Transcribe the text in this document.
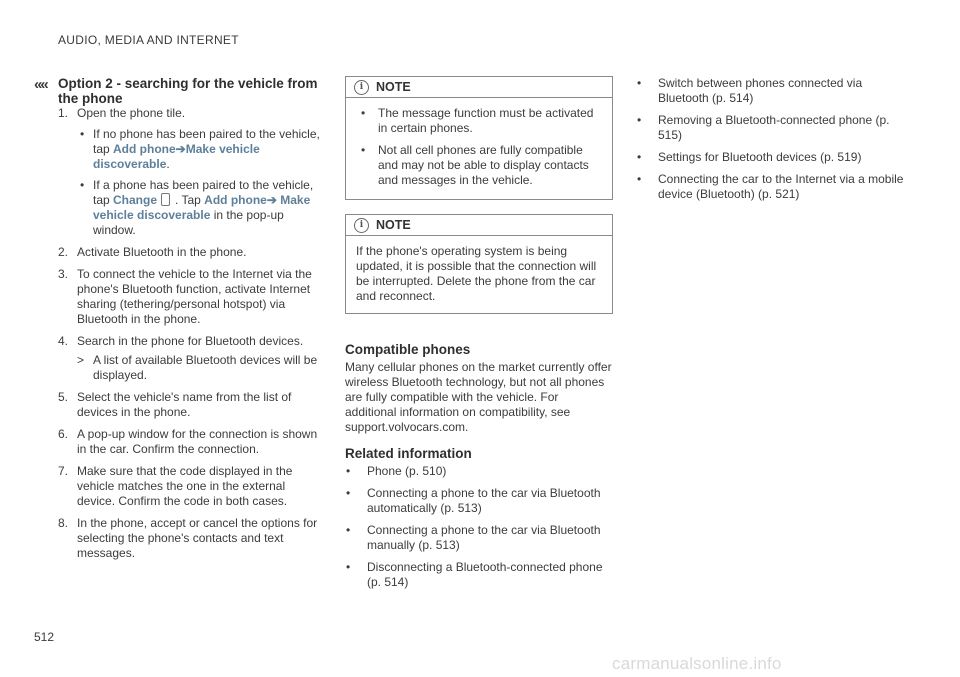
AUDIO, MEDIA AND INTERNET
«« Option 2 - searching for the vehicle from the phone
1. Open the phone tile.
• If no phone has been paired to the vehicle, tap Add phone➔Make vehicle discoverable.
• If a phone has been paired to the vehicle, tap Change . Tap Add phone➔ Make vehicle discoverable in the pop-up window.
2. Activate Bluetooth in the phone.
3. To connect the vehicle to the Internet via the phone's Bluetooth function, activate Internet sharing (tethering/personal hotspot) via Bluetooth in the phone.
4. Search in the phone for Bluetooth devices.
> A list of available Bluetooth devices will be displayed.
5. Select the vehicle's name from the list of devices in the phone.
6. A pop-up window for the connection is shown in the car. Confirm the connection.
7. Make sure that the code displayed in the vehicle matches the one in the external device. Confirm the code in both cases.
8. In the phone, accept or cancel the options for selecting the phone's contacts and text messages.
i	NOTE
• The message function must be activated in certain phones.
• Not all cell phones are fully compatible and may not be able to display contacts and messages in the vehicle.
i	NOTE
If the phone's operating system is being updated, it is possible that the connection will be interrupted. Delete the phone from the car and reconnect.
Compatible phones

Many cellular phones on the market currently offer wireless Bluetooth technology, but not all phones are fully compatible with the vehicle. For additional information on compatibility, see support.volvocars.com.

Related information
• Phone (p. 510)
• Connecting a phone to the car via Bluetooth automatically (p. 513)
• Connecting a phone to the car via Bluetooth manually (p. 513)
• Disconnecting a Bluetooth-connected phone (p. 514)
• Switch between phones connected via Bluetooth (p. 514)
• Removing a Bluetooth-connected phone (p. 515)
• Settings for Bluetooth devices (p. 519)
• Connecting the car to the Internet via a mobile device (Bluetooth) (p. 521)
512
carmanualsonline.info
